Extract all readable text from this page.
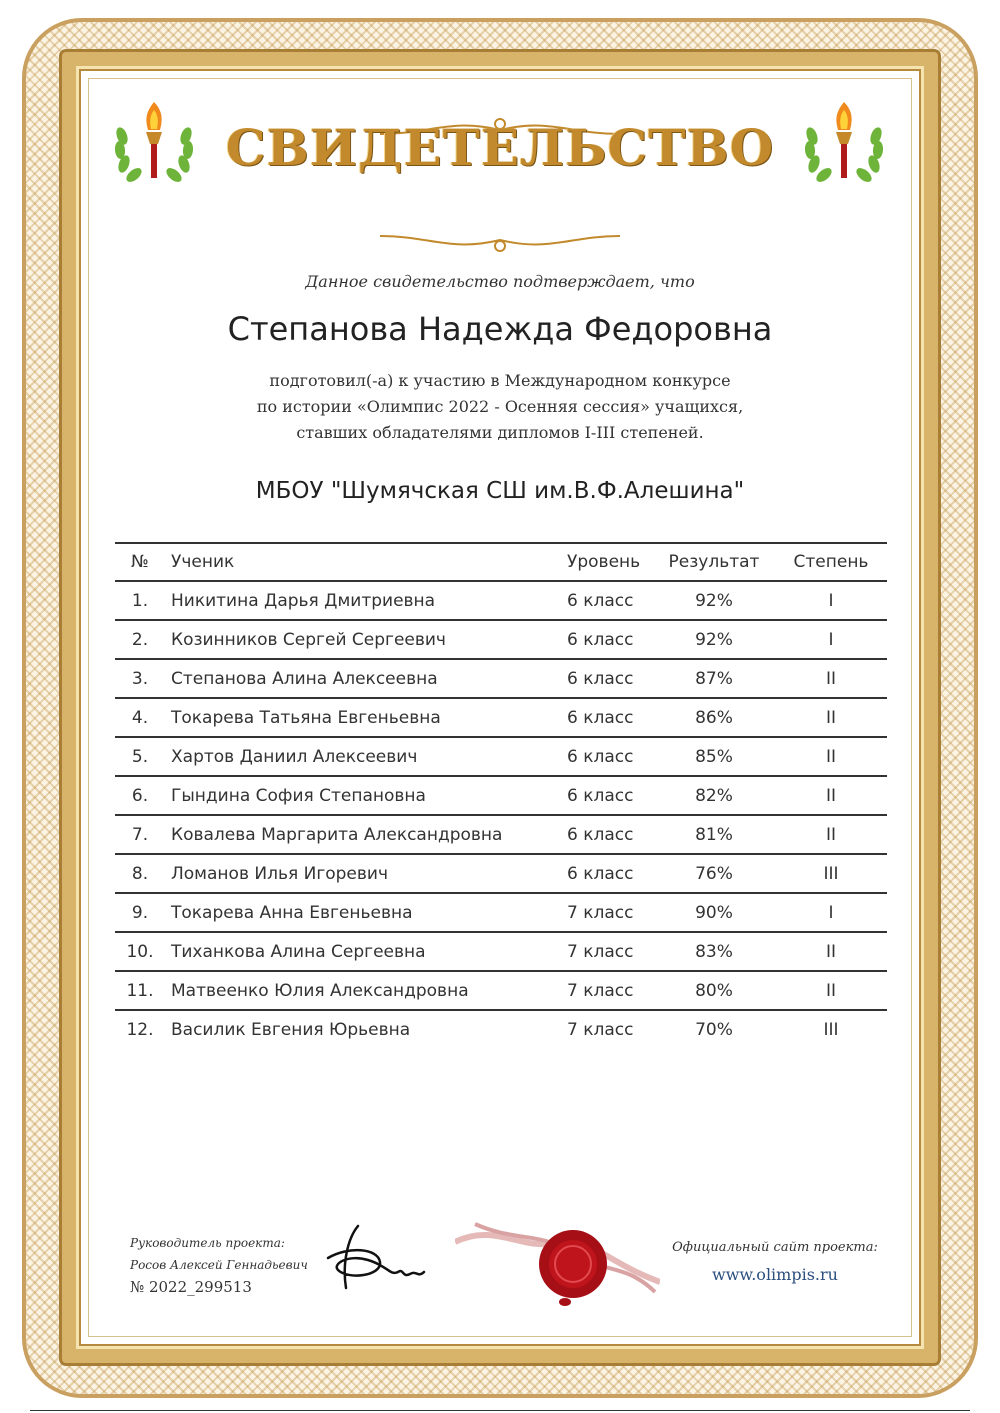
СВИДЕТЕЛЬСТВО
Данное свидетельство подтверждает, что
Степанова Надежда Федоровна
подготовил(-а) к участию в Международном конкурсе
по истории «Олимпис 2022 - Осенняя сессия» учащихся,
ставших обладателями дипломов I-III степеней.
МБОУ "Шумячская СШ им.В.Ф.Алешина"
№	Ученик	Уровень	Результат	Степень
1.	Никитина Дарья Дмитриевна	6 класс	92%	I
2.	Козинников Сергей Сергеевич	6 класс	92%	I
3.	Степанова Алина Алексеевна	6 класс	87%	II
4.	Токарева Татьяна Евгеньевна	6 класс	86%	II
5.	Хартов Даниил Алексеевич	6 класс	85%	II
6.	Гындина София Степановна	6 класс	82%	II
7.	Ковалева Маргарита Александровна	6 класс	81%	II
8.	Ломанов Илья Игоревич	6 класс	76%	III
9.	Токарева Анна Евгеньевна	7 класс	90%	I
10.	Тиханкова Алина Сергеевна	7 класс	83%	II
11.	Матвеенко Юлия Александровна	7 класс	80%	II
12.	Василик Евгения Юрьевна	7 класс	70%	III
Руководитель проекта:
Росов Алексей Геннадьевич
№ 2022_299513
Официальный сайт проекта:
www.olimpis.ru
